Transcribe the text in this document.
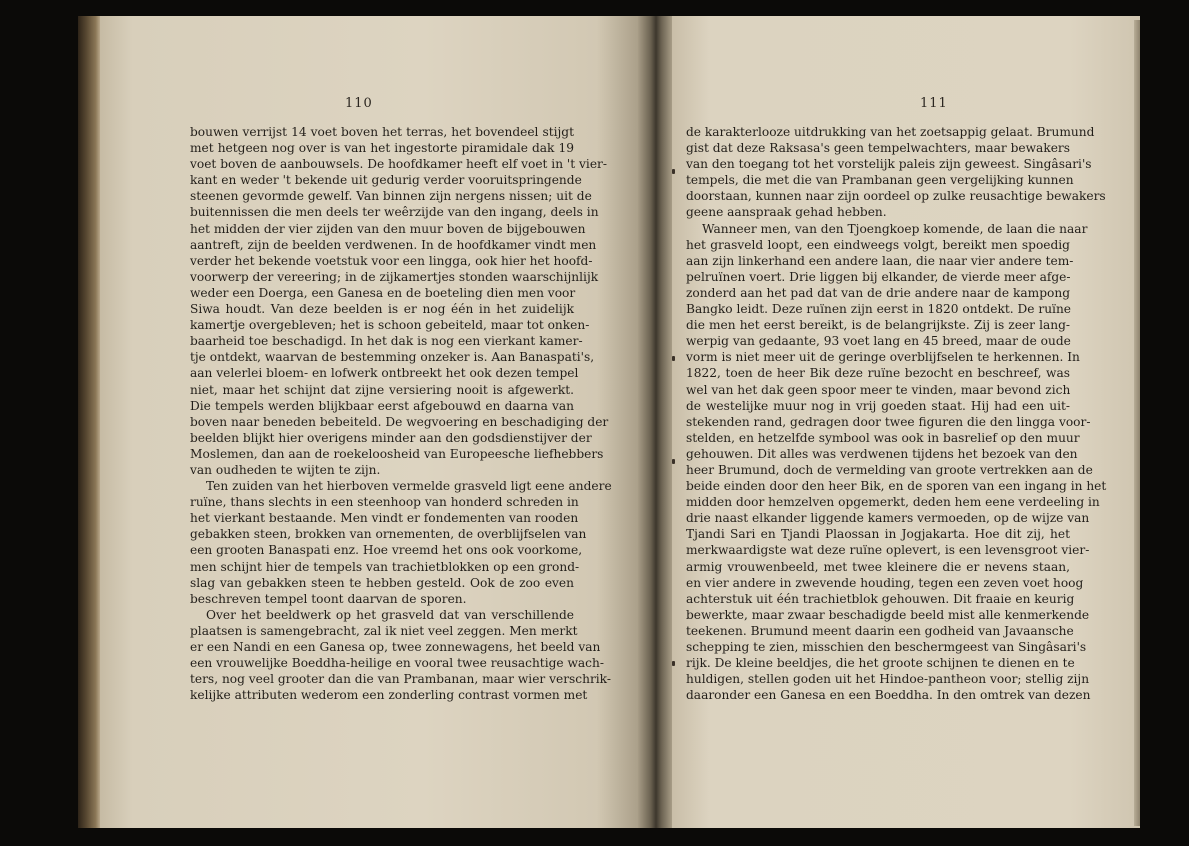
110
bouwen verrijst 14 voet boven het terras, het bovendeel stijgt
met hetgeen nog over is van het ingestorte piramidale dak 19
voet boven de aanbouwsels. De hoofdkamer heeft elf voet in 't vier-
kant en weder 't bekende uit gedurig verder vooruitspringende
steenen gevormde gewelf. Van binnen zijn nergens nissen; uit de
buitennissen die men deels ter weêrzijde van den ingang, deels in
het midden der vier zijden van den muur boven de bijgebouwen
aantreft, zijn de beelden verdwenen. In de hoofdkamer vindt men
verder het bekende voetstuk voor een lingga, ook hier het hoofd-
voorwerp der vereering; in de zijkamertjes stonden waarschijnlijk
weder een Doerga, een Ganesa en de boeteling dien men voor
Siwa houdt. Van deze beelden is er nog één in het zuidelijk
kamertje overgebleven; het is schoon gebeiteld, maar tot onken-
baarheid toe beschadigd. In het dak is nog een vierkant kamer-
tje ontdekt, waarvan de bestemming onzeker is. Aan Banaspati's,
aan velerlei bloem- en lofwerk ontbreekt het ook dezen tempel
niet, maar het schijnt dat zijne versiering nooit is afgewerkt.
Die tempels werden blijkbaar eerst afgebouwd en daarna van
boven naar beneden bebeiteld. De wegvoering en beschadiging der
beelden blijkt hier overigens minder aan den godsdienstijver der
Moslemen, dan aan de roekeloosheid van Europeesche liefhebbers
van oudheden te wijten te zijn.
Ten zuiden van het hierboven vermelde grasveld ligt eene andere
ruïne, thans slechts in een steenhoop van honderd schreden in
het vierkant bestaande. Men vindt er fondementen van rooden
gebakken steen, brokken van ornementen, de overblijfselen van
een grooten Banaspati enz. Hoe vreemd het ons ook voorkome,
men schijnt hier de tempels van trachietblokken op een grond-
slag van gebakken steen te hebben gesteld. Ook de zoo even
beschreven tempel toont daarvan de sporen.
Over het beeldwerk op het grasveld dat van verschillende
plaatsen is samengebracht, zal ik niet veel zeggen. Men merkt
er een Nandi en een Ganesa op, twee zonnewagens, het beeld van
een vrouwelijke Boeddha-heilige en vooral twee reusachtige wach-
ters, nog veel grooter dan die van Prambanan, maar wier verschrik-
kelijke attributen wederom een zonderling contrast vormen met
111
de karakterlooze uitdrukking van het zoetsappig gelaat. Brumund
gist dat deze Raksasa's geen tempelwachters, maar bewakers
van den toegang tot het vorstelijk paleis zijn geweest. Singâsari's
tempels, die met die van Prambanan geen vergelijking kunnen
doorstaan, kunnen naar zijn oordeel op zulke reusachtige bewakers
geene aanspraak gehad hebben.
Wanneer men, van den Tjoengkoep komende, de laan die naar
het grasveld loopt, een eindweegs volgt, bereikt men spoedig
aan zijn linkerhand een andere laan, die naar vier andere tem-
pelruïnen voert. Drie liggen bij elkander, de vierde meer afge-
zonderd aan het pad dat van de drie andere naar de kampong
Bangko leidt. Deze ruïnen zijn eerst in 1820 ontdekt. De ruïne
die men het eerst bereikt, is de belangrijkste. Zij is zeer lang-
werpig van gedaante, 93 voet lang en 45 breed, maar de oude
vorm is niet meer uit de geringe overblijfselen te herkennen. In
1822, toen de heer Bik deze ruïne bezocht en beschreef, was
wel van het dak geen spoor meer te vinden, maar bevond zich
de westelijke muur nog in vrij goeden staat. Hij had een uit-
stekenden rand, gedragen door twee figuren die den lingga voor-
stelden, en hetzelfde symbool was ook in basrelief op den muur
gehouwen. Dit alles was verdwenen tijdens het bezoek van den
heer Brumund, doch de vermelding van groote vertrekken aan de
beide einden door den heer Bik, en de sporen van een ingang in het
midden door hemzelven opgemerkt, deden hem eene verdeeling in
drie naast elkander liggende kamers vermoeden, op de wijze van
Tjandi Sari en Tjandi Plaossan in Jogjakarta. Hoe dit zij, het
merkwaardigste wat deze ruïne oplevert, is een levensgroot vier-
armig vrouwenbeeld, met twee kleinere die er nevens staan,
en vier andere in zwevende houding, tegen een zeven voet hoog
achterstuk uit één trachietblok gehouwen. Dit fraaie en keurig
bewerkte, maar zwaar beschadigde beeld mist alle kenmerkende
teekenen. Brumund meent daarin een godheid van Javaansche
schepping te zien, misschien den beschermgeest van Singâsari's
rijk. De kleine beeldjes, die het groote schijnen te dienen en te
huldigen, stellen goden uit het Hindoe-pantheon voor; stellig zijn
daaronder een Ganesa en een Boeddha. In den omtrek van dezen
